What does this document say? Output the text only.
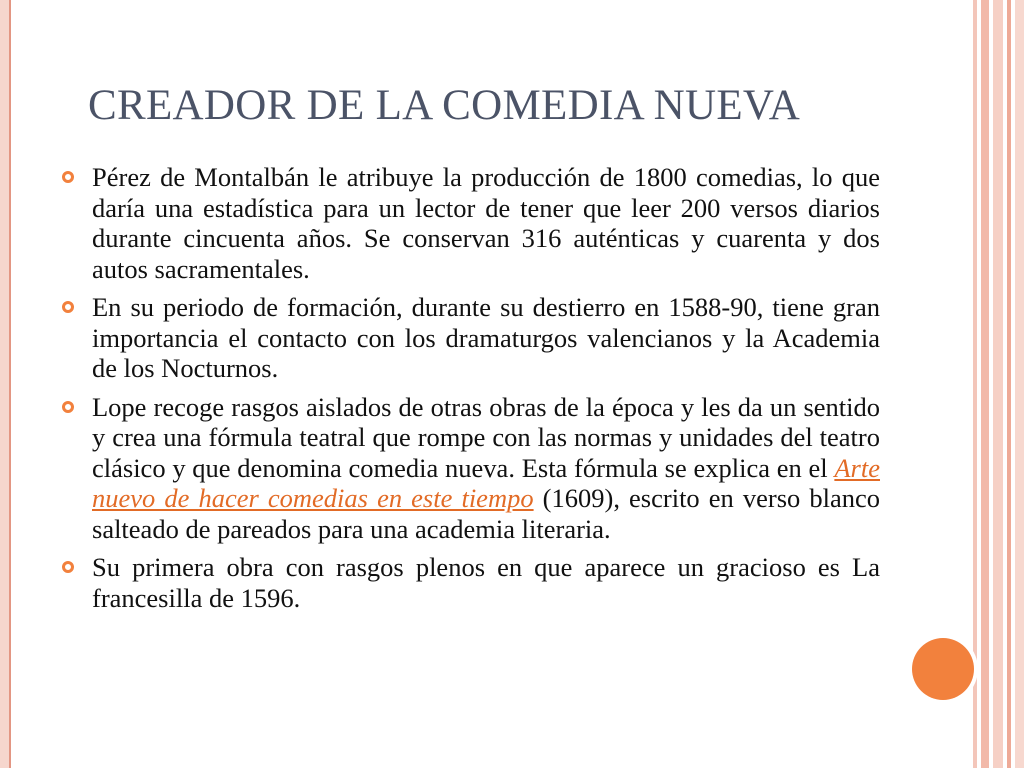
CREADOR DE LA COMEDIA NUEVA

Pérez de Montalbán le atribuye la producción de 1800 comedias, lo que daría una estadística para un lector de tener que leer 200 versos diarios durante cincuenta años. Se conservan 316 auténticas y cuarenta y dos autos sacramentales.

En su periodo de formación, durante su destierro en 1588-90, tiene gran importancia el contacto con los dramaturgos valencianos y la Academia de los Nocturnos.

Lope recoge rasgos aislados de otras obras de la época y les da un sentido y crea una fórmula teatral que rompe con las normas y unidades del teatro clásico y que denomina comedia nueva. Esta fórmula se explica en el Arte nuevo de hacer comedias en este tiempo (1609), escrito en verso blanco salteado de pareados para una academia literaria.

Su primera obra con rasgos plenos en que aparece un gracioso es La francesilla de 1596.
